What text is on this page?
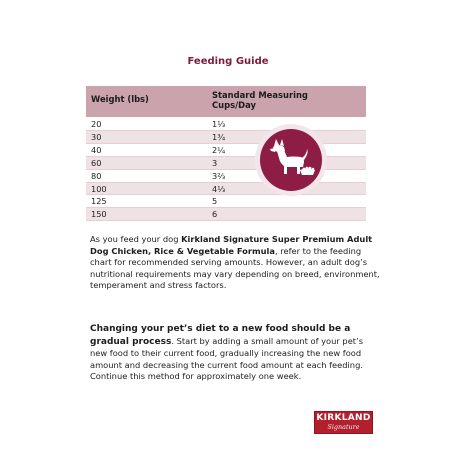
Feeding Guide
Weight (lbs)	Standard Measuring Cups/Day
20	1⅓
30	1¾
40	2¼
60	3
80	3⅔
100	4⅓
125	5
150	6
As you feed your dog Kirkland Signature Super Premium Adult Dog Chicken, Rice & Vegetable Formula, refer to the feeding chart for recommended serving amounts. However, an adult dog’s nutritional requirements may vary depending on breed, environment, temperament and stress factors.
Changing your pet’s diet to a new food should be a gradual process. Start by adding a small amount of your pet’s new food to their current food, gradually increasing the new food amount and decreasing the current food amount at each feeding. Continue this method for approximately one week.
KIRKLAND
Signature
